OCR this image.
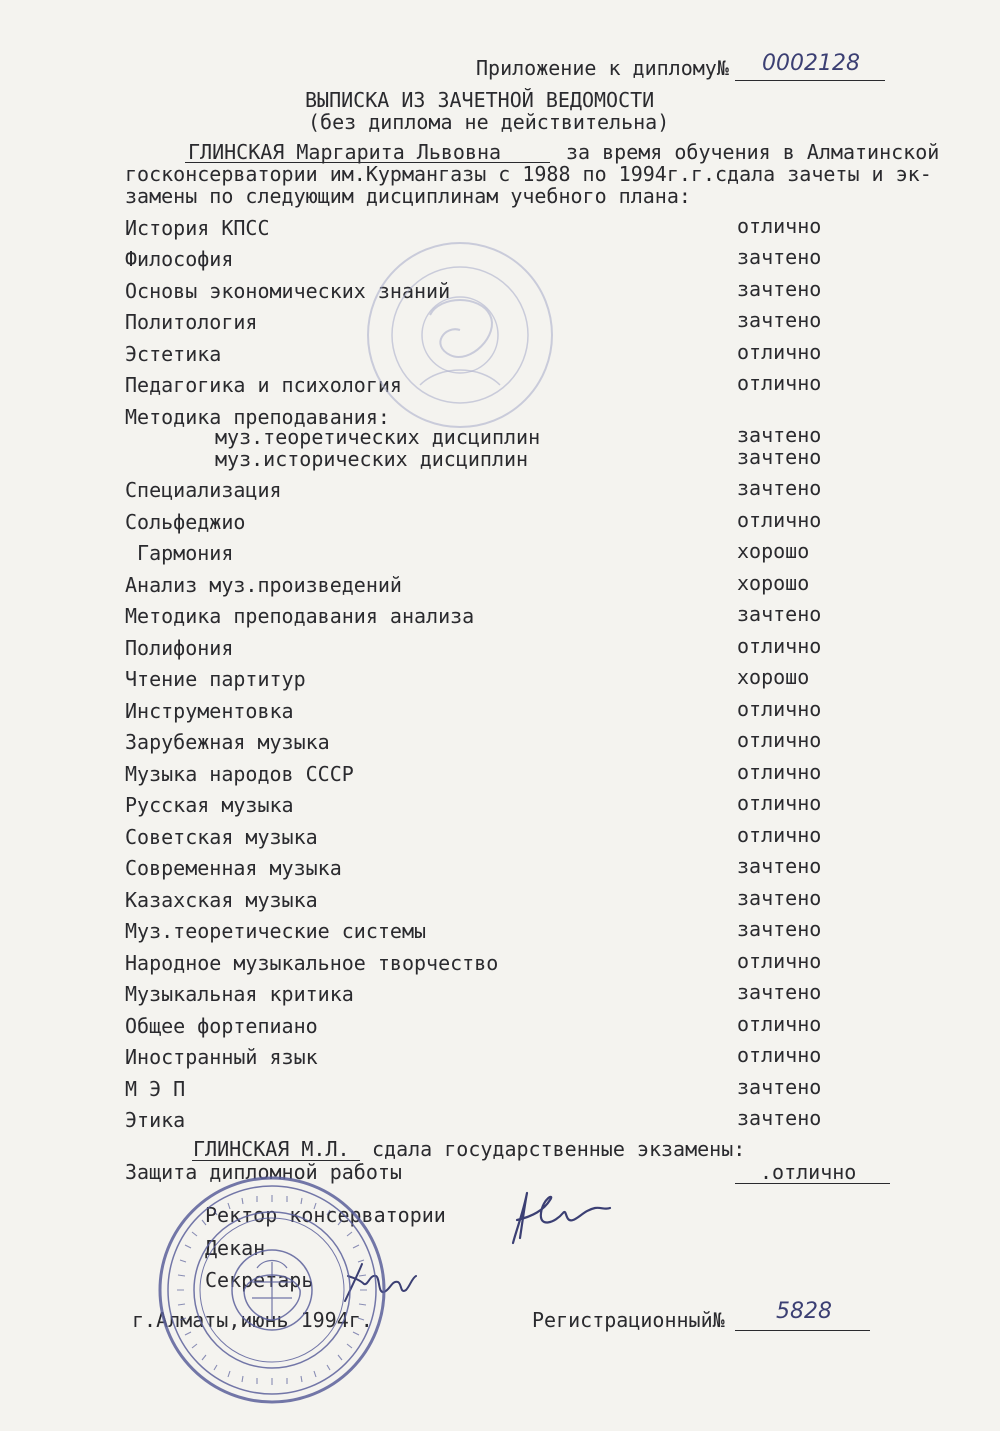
Приложение к диплому№ 0002128
ВЫПИСКА ИЗ ЗАЧЕТНОЙ ВЕДОМОСТИ
(без диплома не действительна)
ГЛИНСКАЯ Маргарита Львовна	за время обучения в Алматинской
госконсерватории им.Курмангазы с 1988 по 1994г.г.сдала зачеты и эк-
замены по следующим дисциплинам учебного плана:
История КПСС	отлично
Философия	зачтено
Основы экономических знаний	зачтено
Политология	зачтено
Эстетика	отлично
Педагогика и психология	отлично
Методика преподавания:
муз.теоретических дисциплин	зачтено
муз.исторических дисциплин	зачтено
Специализация	зачтено
Сольфеджио	отлично
Гармония	хорошо
Анализ муз.произведений	хорошо
Методика преподавания анализа	зачтено
Полифония	отлично
Чтение партитур	хорошо
Инструментовка	отлично
Зарубежная музыка	отлично
Музыка народов СССР	отлично
Русская музыка	отлично
Советская музыка	отлично
Современная музыка	зачтено
Казахская музыка	зачтено
Муз.теоретические системы	зачтено
Народное музыкальное творчество	отлично
Музыкальная критика	зачтено
Общее фортепиано	отлично
Иностранный язык	отлично
М Э П	зачтено
Этика	зачтено
ГЛИНСКАЯ М.Л. сдала государственные экзамены:
Защита дипломной работы	.отлично
Ректор консерватории
Декан
Секретарь
г.Алматы,июнь 1994г.	Регистрационный№ 5828
